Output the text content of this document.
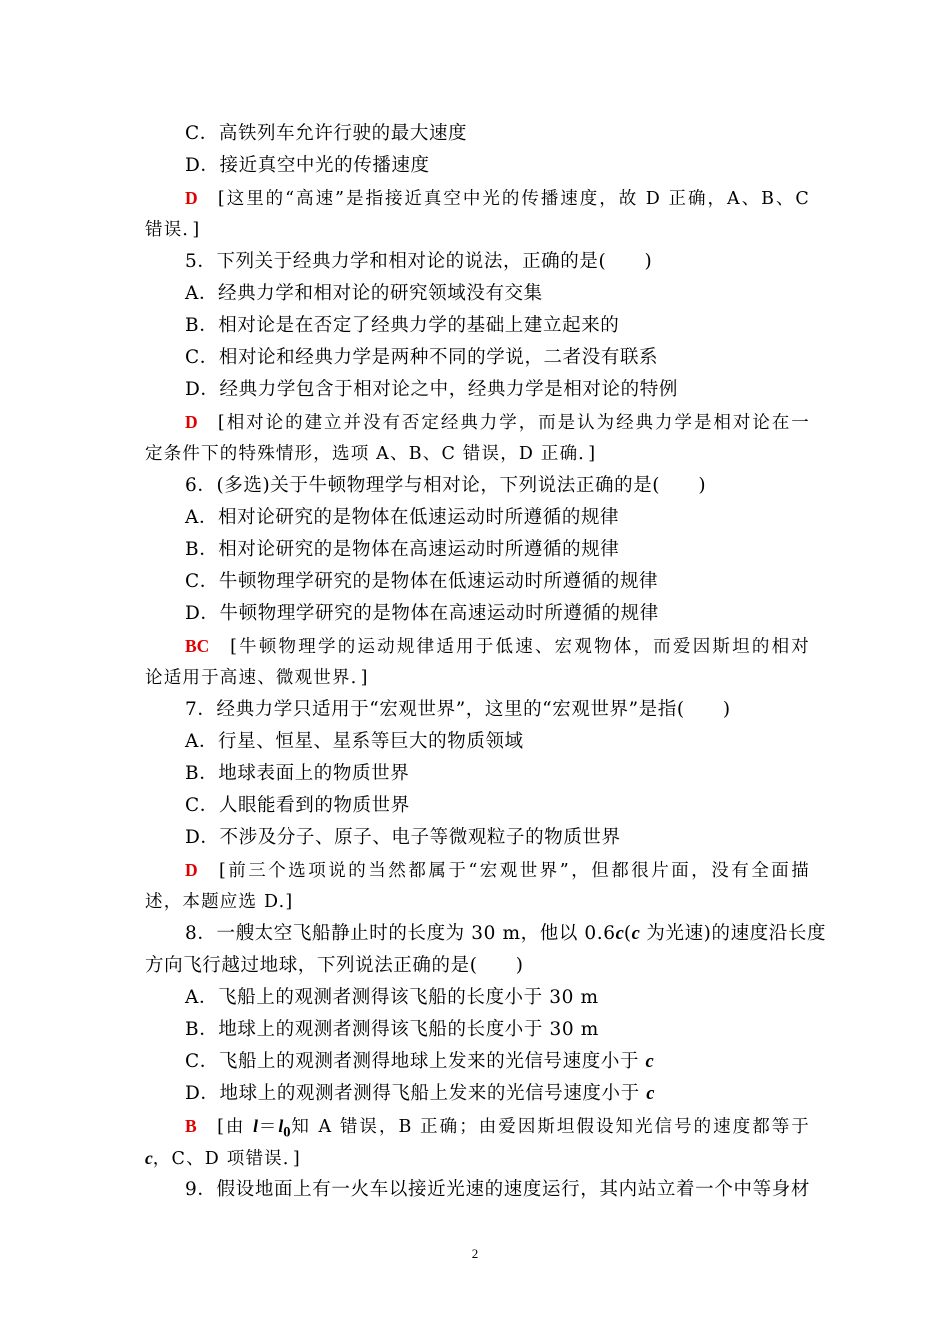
C．高铁列车允许行驶的最大速度
D．接近真空中光的传播速度
D　 [这里的“高速”是指接近真空中光的传播速度，故 D 正确，A、B、C
错误．]
5．下列关于经典力学和相对论的说法，正确的是(　　)
A．经典力学和相对论的研究领域没有交集
B．相对论是在否定了经典力学的基础上建立起来的
C．相对论和经典力学是两种不同的学说，二者没有联系
D．经典力学包含于相对论之中，经典力学是相对论的特例
D　 [相对论的建立并没有否定经典力学，而是认为经典力学是相对论在一
定条件下的特殊情形，选项 A、B、C 错误，D 正确．]
6．(多选)关于牛顿物理学与相对论，下列说法正确的是(　　)
A．相对论研究的是物体在低速运动时所遵循的规律
B．相对论研究的是物体在高速运动时所遵循的规律
C．牛顿物理学研究的是物体在低速运动时所遵循的规律
D．牛顿物理学研究的是物体在高速运动时所遵循的规律
BC　 [牛顿物理学的运动规律适用于低速、宏观物体，而爱因斯坦的相对
论适用于高速、微观世界．]
7．经典力学只适用于“宏观世界”，这里的“宏观世界”是指(　　)
A．行星、恒星、星系等巨大的物质领域
B．地球表面上的物质世界
C．人眼能看到的物质世界
D．不涉及分子、原子、电子等微观粒子的物质世界
D　 [前三个选项说的当然都属于“宏观世界”，但都很片面，没有全面描
述，本题应选 D.]
8．一艘太空飞船静止时的长度为 30 m，他以 0.6c(c 为光速)的速度沿长度
方向飞行越过地球，下列说法正确的是(　　)
A．飞船上的观测者测得该飞船的长度小于 30 m
B．地球上的观测者测得该飞船的长度小于 30 m
C．飞船上的观测者测得地球上发来的光信号速度小于 c
D．地球上的观测者测得飞船上发来的光信号速度小于 c
B　 [由 $l=l_0$知 A 错误，B 正确；由爱因斯坦假设知光信号的速度都等于
c，C、D 项错误．]
9．假设地面上有一火车以接近光速的速度运行，其内站立着一个中等身材
2
